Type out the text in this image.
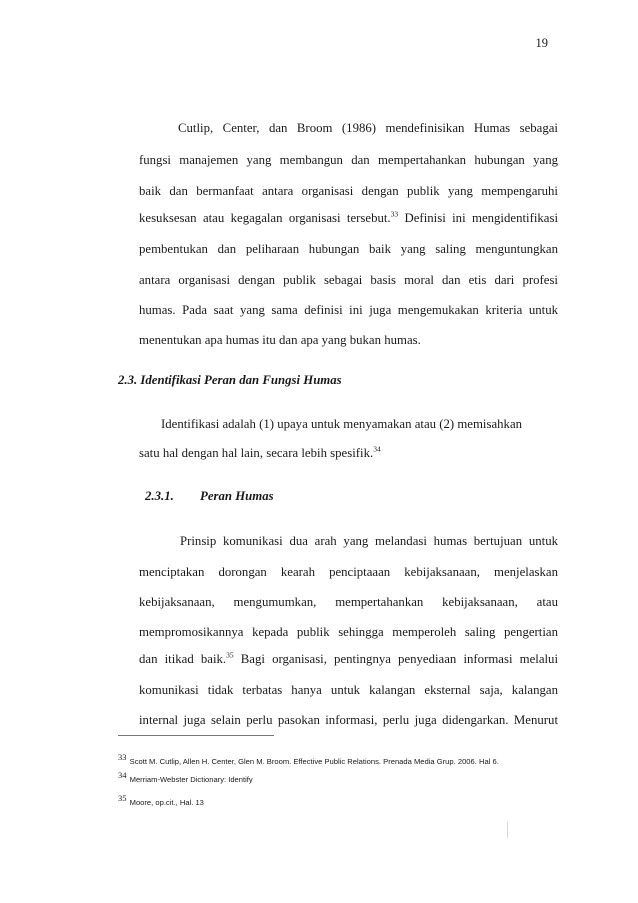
19
Cutlip, Center, dan Broom (1986) mendefinisikan Humas sebagai
fungsi manajemen yang membangun dan mempertahankan hubungan yang
baik dan bermanfaat antara organisasi dengan publik yang mempengaruhi
kesuksesan atau kegagalan organisasi tersebut.$^{33}$ Definisi ini mengidentifikasi
pembentukan dan peliharaan hubungan baik yang saling menguntungkan
antara organisasi dengan publik sebagai basis moral dan etis dari profesi
humas. Pada saat yang sama definisi ini juga mengemukakan kriteria untuk
menentukan apa humas itu dan apa yang bukan humas.
2.3. Identifikasi Peran dan Fungsi Humas
Identifikasi adalah (1) upaya untuk menyamakan atau (2) memisahkan
satu hal dengan hal lain, secara lebih spesifik.$^{34}$
2.3.1. Peran Humas
Prinsip komunikasi dua arah yang melandasi humas bertujuan untuk
menciptakan dorongan kearah penciptaaan kebijaksanaan, menjelaskan
kebijaksanaan, mengumumkan, mempertahankan kebijaksanaan, atau
mempromosikannya kepada publik sehingga memperoleh saling pengertian
dan itikad baik.$^{35}$ Bagi organisasi, pentingnya penyediaan informasi melalui
komunikasi tidak terbatas hanya untuk kalangan eksternal saja, kalangan
internal juga selain perlu pasokan informasi, perlu juga didengarkan. Menurut
33 Scott M. Cutlip, Allen H. Center, Glen M. Broom. Effective Public Relations. Prenada Media Grup. 2006. Hal 6.
34 Merriam-Webster Dictionary: Identify
35 Moore, op.cit., Hal. 13
